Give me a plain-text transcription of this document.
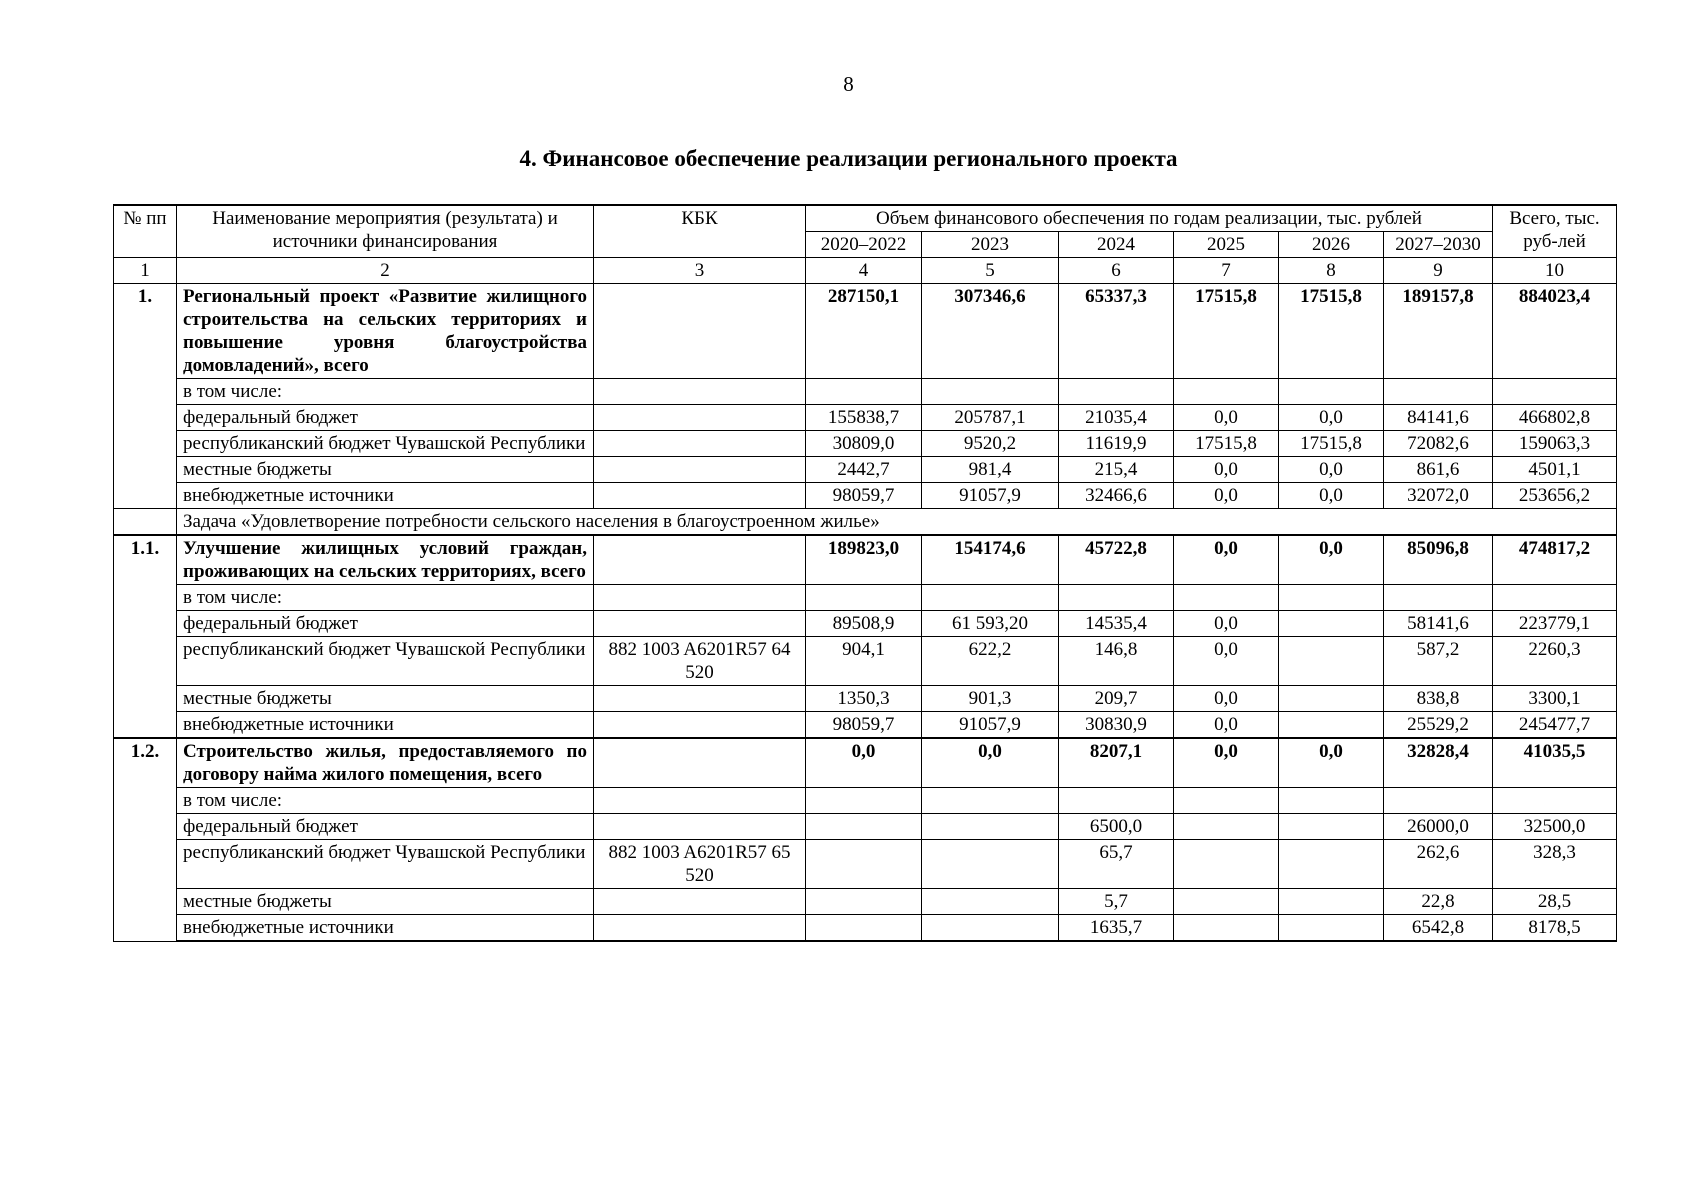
8
4. Финансовое обеспечение реализации регионального проекта
№ пп	Наименование мероприятия (результата) и источники финансирования	КБК	Объем финансового обеспечения по годам реализации, тыс. рублей						Всего, тыс. руб-лей
			2020–2022	2023	2024	2025	2026	2027–2030	
1	2	3	4	5	6	7	8	9	10
1.	Региональный проект «Развитие жилищного строительства на сельских территориях и повышение уровня благоустройства домовладений», всего		287150,1	307346,6	65337,3	17515,8	17515,8	189157,8	884023,4
	в том числе:								
	федеральный бюджет		155838,7	205787,1	21035,4	0,0	0,0	84141,6	466802,8
	республиканский бюджет Чувашской Республики		30809,0	9520,2	11619,9	17515,8	17515,8	72082,6	159063,3
	местные бюджеты		2442,7	981,4	215,4	0,0	0,0	861,6	4501,1
	внебюджетные источники		98059,7	91057,9	32466,6	0,0	0,0	32072,0	253656,2
	Задача «Удовлетворение потребности сельского населения в благоустроенном жилье»								
1.1.	Улучшение жилищных условий граждан, проживающих на сельских территориях, всего		189823,0	154174,6	45722,8	0,0	0,0	85096,8	474817,2
	в том числе:								
	федеральный бюджет		89508,9	61 593,20	14535,4	0,0		58141,6	223779,1
	республиканский бюджет Чувашской Республики	882 1003 A6201R57 64 520	904,1	622,2	146,8	0,0		587,2	2260,3
	местные бюджеты		1350,3	901,3	209,7	0,0		838,8	3300,1
	внебюджетные источники		98059,7	91057,9	30830,9	0,0		25529,2	245477,7
1.2.	Строительство жилья, предоставляемого по договору найма жилого помещения, всего		0,0	0,0	8207,1	0,0	0,0	32828,4	41035,5
	в том числе:								
	федеральный бюджет				6500,0			26000,0	32500,0
	республиканский бюджет Чувашской Республики	882 1003 A6201R57 65 520			65,7			262,6	328,3
	местные бюджеты				5,7			22,8	28,5
	внебюджетные источники				1635,7			6542,8	8178,5
